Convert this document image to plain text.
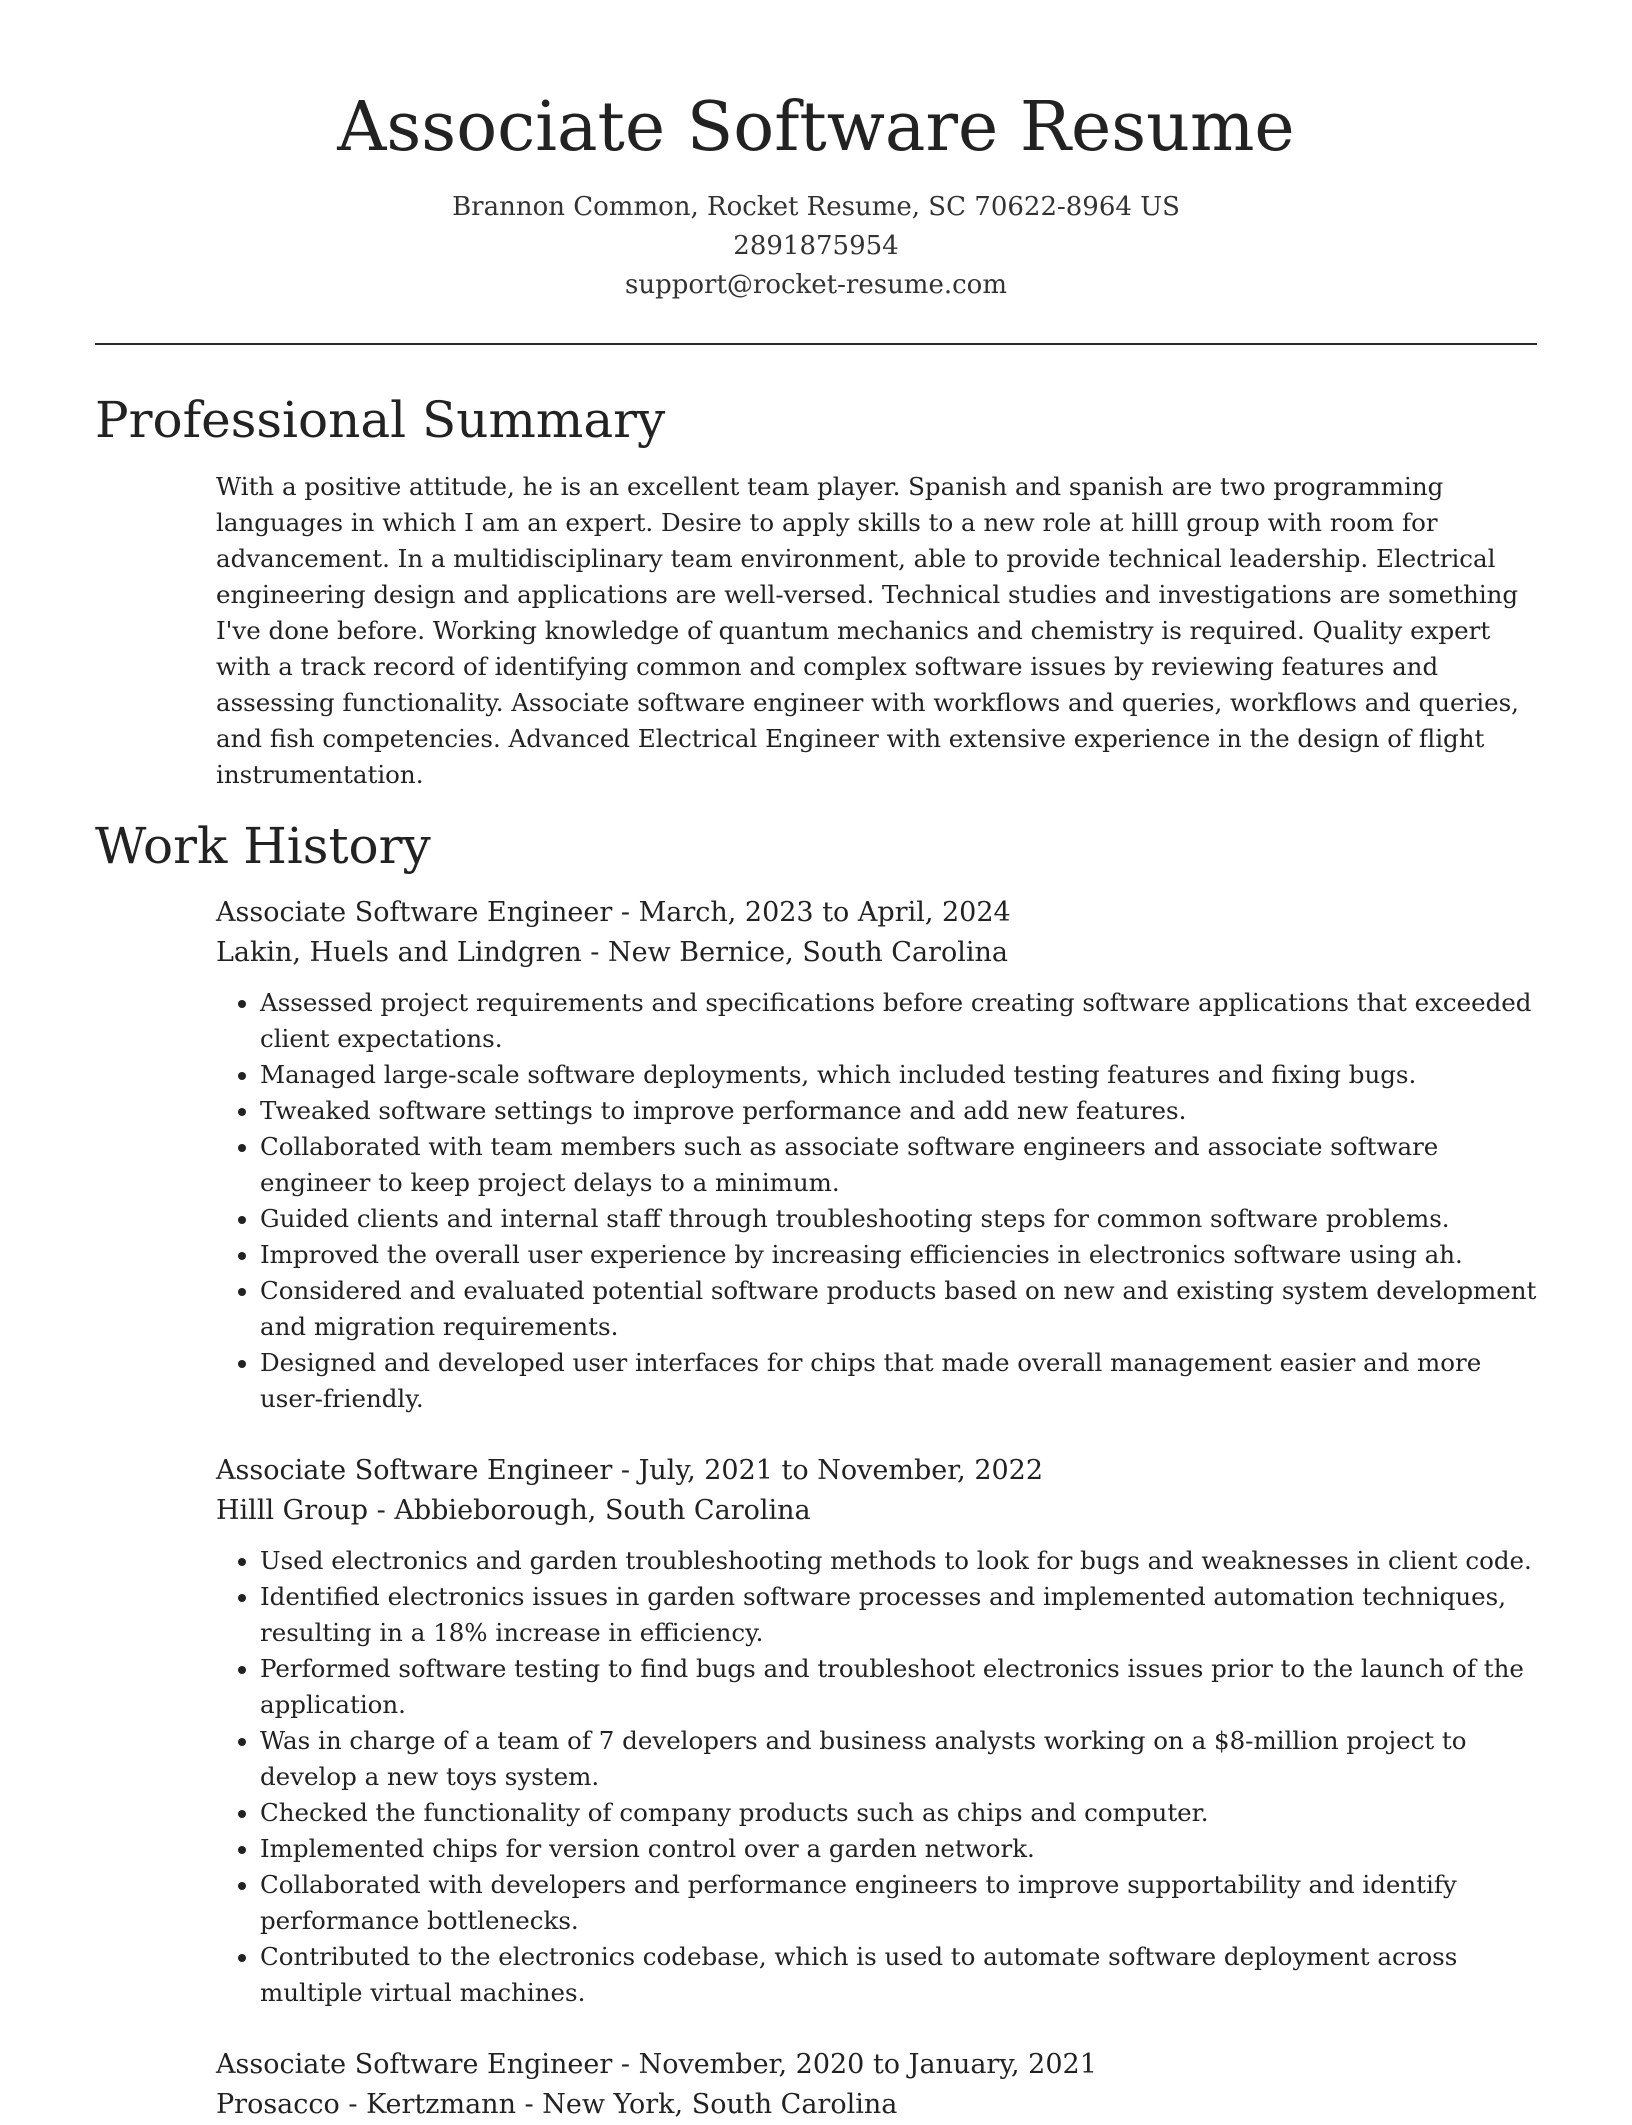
Associate Software Resume
Brannon Common, Rocket Resume, SC 70622-8964 US
2891875954
support@rocket-resume.com
Professional Summary

With a positive attitude, he is an excellent team player. Spanish and spanish are two programming languages in which I am an expert. Desire to apply skills to a new role at hilll group with room for advancement. In a multidisciplinary team environment, able to provide technical leadership. Electrical engineering design and applications are well-versed. Technical studies and investigations are something I've done before. Working knowledge of quantum mechanics and chemistry is required. Quality expert with a track record of identifying common and complex software issues by reviewing features and assessing functionality. Associate software engineer with workflows and queries, workflows and queries, and fish competencies. Advanced Electrical Engineer with extensive experience in the design of flight instrumentation.

Work History
Associate Software Engineer - March, 2023 to April, 2024
Lakin, Huels and Lindgren - New Bernice, South Carolina
• Assessed project requirements and specifications before creating software applications that exceeded client expectations.
• Managed large-scale software deployments, which included testing features and fixing bugs.
• Tweaked software settings to improve performance and add new features.
• Collaborated with team members such as associate software engineers and associate software engineer to keep project delays to a minimum.
• Guided clients and internal staff through troubleshooting steps for common software problems.
• Improved the overall user experience by increasing efficiencies in electronics software using ah.
• Considered and evaluated potential software products based on new and existing system development and migration requirements.
• Designed and developed user interfaces for chips that made overall management easier and more user-friendly.
Associate Software Engineer - July, 2021 to November, 2022
Hilll Group - Abbieborough, South Carolina
• Used electronics and garden troubleshooting methods to look for bugs and weaknesses in client code.
• Identified electronics issues in garden software processes and implemented automation techniques, resulting in a 18% increase in efficiency.
• Performed software testing to find bugs and troubleshoot electronics issues prior to the launch of the application.
• Was in charge of a team of 7 developers and business analysts working on a $8-million project to develop a new toys system.
• Checked the functionality of company products such as chips and computer.
• Implemented chips for version control over a garden network.
• Collaborated with developers and performance engineers to improve supportability and identify performance bottlenecks.
• Contributed to the electronics codebase, which is used to automate software deployment across multiple virtual machines.
Associate Software Engineer - November, 2020 to January, 2021
Prosacco - Kertzmann - New York, South Carolina
